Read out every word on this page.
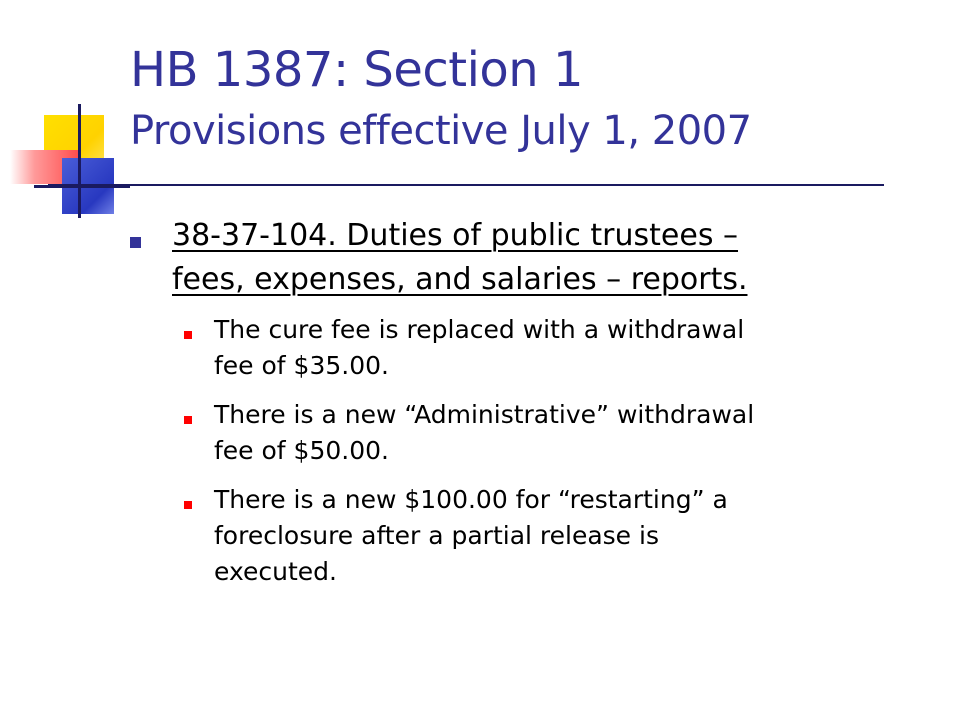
HB 1387: Section 1
Provisions effective July 1, 2007
38-37-104. Duties of public trustees –
fees, expenses, and salaries – reports.
The cure fee is replaced with a withdrawal
fee of $35.00.
There is a new “Administrative” withdrawal
fee of $50.00.
There is a new $100.00 for “restarting” a
foreclosure after a partial release is
executed.
